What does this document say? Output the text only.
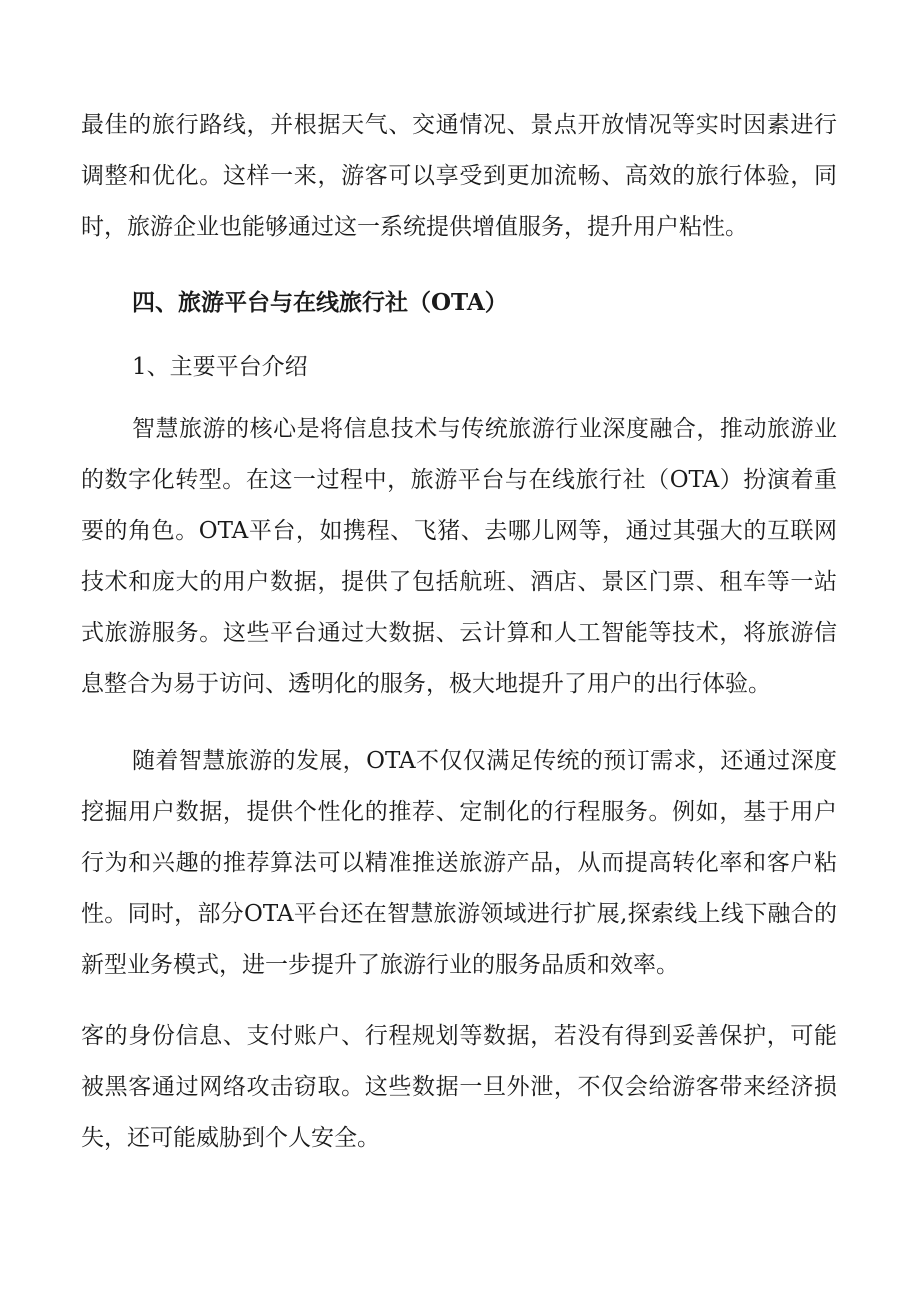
最佳的旅行路线，并根据天气、交通情况、景点开放情况等实时因素进行调整和优化。这样一来，游客可以享受到更加流畅、高效的旅行体验，同时，旅游企业也能够通过这一系统提供增值服务，提升用户粘性。

四、旅游平台与在线旅行社（OTA）

1、主要平台介绍

智慧旅游的核心是将信息技术与传统旅游行业深度融合，推动旅游业的数字化转型。在这一过程中，旅游平台与在线旅行社（OTA）扮演着重要的角色。OTA平台，如携程、飞猪、去哪儿网等，通过其强大的互联网技术和庞大的用户数据，提供了包括航班、酒店、景区门票、租车等一站式旅游服务。这些平台通过大数据、云计算和人工智能等技术，将旅游信息整合为易于访问、透明化的服务，极大地提升了用户的出行体验。

随着智慧旅游的发展，OTA不仅仅满足传统的预订需求，还通过深度挖掘用户数据，提供个性化的推荐、定制化的行程服务。例如，基于用户行为和兴趣的推荐算法可以精准推送旅游产品，从而提高转化率和客户粘性。同时，部分OTA平台还在智慧旅游领域进行扩展,探索线上线下融合的新型业务模式，进一步提升了旅游行业的服务品质和效率。

客的身份信息、支付账户、行程规划等数据，若没有得到妥善保护，可能被黑客通过网络攻击窃取。这些数据一旦外泄，不仅会给游客带来经济损失，还可能威胁到个人安全。
